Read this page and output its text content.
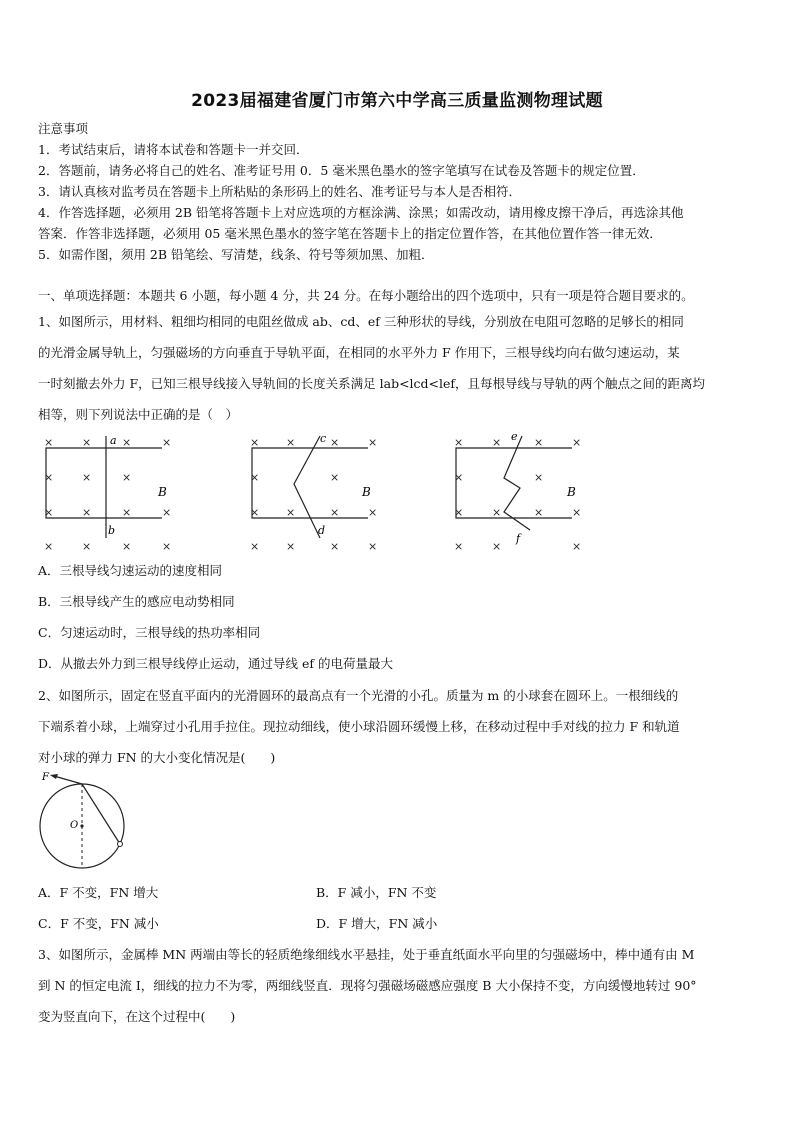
2023届福建省厦门市第六中学高三质量监测物理试题
注意事项
1．考试结束后，请将本试卷和答题卡一并交回．
2．答题前，请务必将自己的姓名、准考证号用 0．5 毫米黑色墨水的签字笔填写在试卷及答题卡的规定位置．
3．请认真核对监考员在答题卡上所粘贴的条形码上的姓名、准考证号与本人是否相符．
4．作答选择题，必须用 2B 铅笔将答题卡上对应选项的方框涂满、涂黑；如需改动，请用橡皮擦干净后，再选涂其他
答案．作答非选择题，必须用 05 毫米黑色墨水的签字笔在答题卡上的指定位置作答，在其他位置作答一律无效．
5．如需作图，须用 2B 铅笔绘、写清楚，线条、符号等须加黑、加粗．
一、单项选择题：本题共 6 小题，每小题 4 分，共 24 分。在每小题给出的四个选项中，只有一项是符合题目要求的。
1、如图所示，用材料、粗细均相同的电阻丝做成 ab、cd、ef 三种形状的导线，分别放在电阻可忽略的足够长的相同
的光滑金属导轨上，匀强磁场的方向垂直于导轨平面，在相同的水平外力 F 作用下，三根导线均向右做匀速运动，某
一时刻撤去外力 F，已知三根导线接入导轨间的长度关系满足 lab<lcd<lef，且每根导线与导轨的两个触点之间的距离均
相等，则下列说法中正确的是（　）
×	×	×	×
×	×	×
×	×	×	×
×	×	×	×
× ×	×	×
×	×
× ×	×	×
× ×	×	×
×	×	×	×
×	×
×	×	×	×
×	×	×
a
b
B
c
d
B
e
f
B
A．三根导线匀速运动的速度相同
B．三根导线产生的感应电动势相同
C．匀速运动时，三根导线的热功率相同
D．从撤去外力到三根导线停止运动，通过导线 ef 的电荷量最大
2、如图所示，固定在竖直平面内的光滑圆环的最高点有一个光滑的小孔。质量为 m 的小球套在圆环上。一根细线的
下端系着小球，上端穿过小孔用手拉住。现拉动细线，使小球沿圆环缓慢上移，在移动过程中手对线的拉力 F 和轨道
对小球的弹力 FN 的大小变化情况是(　　)
F
O
A．F 不变，FN 增大	B．F 减小，FN 不变
C．F 不变，FN 减小	D．F 增大，FN 减小
3、如图所示，金属棒 MN 两端由等长的轻质绝缘细线水平悬挂，处于垂直纸面水平向里的匀强磁场中，棒中通有由 M
到 N 的恒定电流 I，细线的拉力不为零，两细线竖直．现将匀强磁场磁感应强度 B 大小保持不变，方向缓慢地转过 90°
变为竖直向下，在这个过程中(　　)
